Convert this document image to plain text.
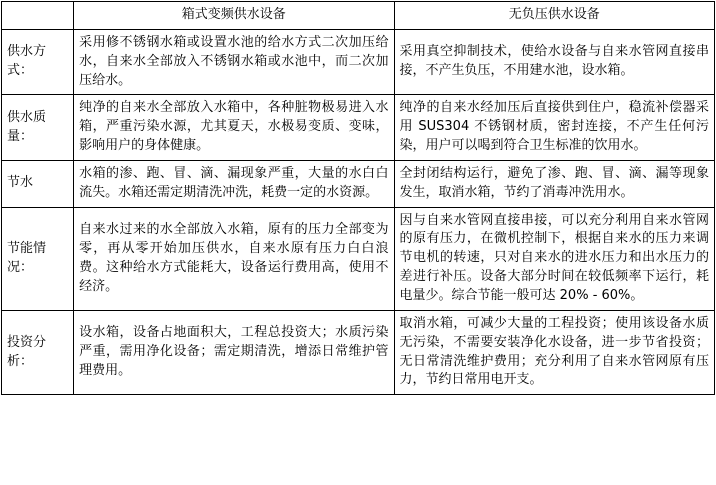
	箱式变频供水设备	无负压供水设备
供水方式：	采用修不锈钢水箱或设置水池的给水方式二次加压给水，自来水全部放入不锈钢水箱或水池中，而二次加压给水。	采用真空抑制技术，使给水设备与自来水管网直接串接，不产生负压，不用建水池，设水箱。

供水质量：	纯净的自来水全部放入水箱中，各种脏物极易进入水箱，严重污染水源，尤其夏天，水极易变质、变味，影响用户的身体健康。	纯净的自来水经加压后直接供到住户，稳流补偿器采用 SUS304 不锈钢材质，密封连接，不产生任何污染，用户可以喝到符合卫生标准的饮用水。

节水	水箱的渗、跑、冒、滴、漏现象严重，大量的水白白流失。水箱还需定期清洗冲洗，耗费一定的水资源。	全封闭结构运行，避免了渗、跑、冒、滴、漏等现象发生，取消水箱，节约了消毒冲洗用水。

节能情况：	自来水过来的水全部放入水箱，原有的压力全部变为零，再从零开始加压供水，自来水原有压力白白浪费。这种给水方式能耗大，设备运行费用高，使用不经济。	因与自来水管网直接串接，可以充分利用自来水管网的原有压力，在微机控制下，根据自来水的压力来调节电机的转速，只对自来水的进水压力和出水压力的差进行补压。设备大部分时间在较低频率下运行，耗电量少。综合节能一般可达 20% - 60%。

投资分析：	设水箱，设备占地面积大，工程总投资大；水质污染严重，需用净化设备；需定期清洗，增添日常维护管理费用。	取消水箱，可减少大量的工程投资；使用该设备水质无污染，不需要安装净化水设备，进一步节省投资；无日常清洗维护费用；充分利用了自来水管网原有压力，节约日常用电开支。
